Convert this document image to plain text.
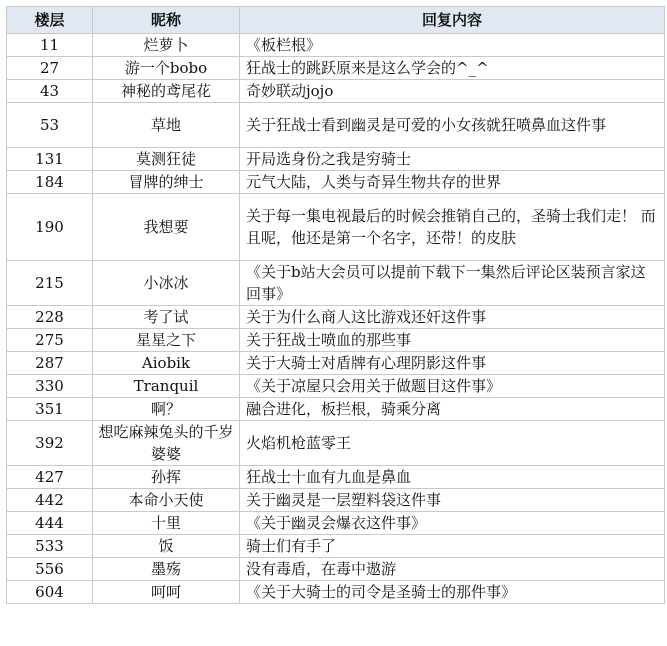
楼层	昵称	回复内容
11	烂萝卜	《板栏根》
27	游一个bobo	狂战士的跳跃原来是这么学会的^_^
43	神秘的鸢尾花	奇妙联动jojo
53	草地	关于狂战士看到幽灵是可爱的小女孩就狂喷鼻血这件事
131	莫测狂徒	开局选身份之我是穷骑士
184	冒牌的绅士	元气大陆，人类与奇异生物共存的世界
190	我想要	关于每一集电视最后的时候会推销自己的，圣骑士我们走！ 而且呢，他还是第一个名字，还带！的皮肤
215	小冰冰	《关于b站大会员可以提前下载下一集然后评论区装预言家这回事》
228	考了试	关于为什么商人这比游戏还奸这件事
275	星星之下	关于狂战士喷血的那些事
287	Aiobik	关于大骑士对盾牌有心理阴影这件事
330	Tranquil	《关于凉屋只会用关于做题目这件事》
351	啊？	融合进化，板拦根，骑乘分离
392	想吃麻辣兔头的千岁婆婆	火焰机枪蓝零王
427	孙挥	狂战士十血有九血是鼻血
442	本命小天使	关于幽灵是一层塑料袋这件事
444	十里	《关于幽灵会爆衣这件事》
533	饭	骑士们有手了
556	墨殇	没有毒盾，在毒中遨游
604	呵呵	《关于大骑士的司令是圣骑士的那件事》
